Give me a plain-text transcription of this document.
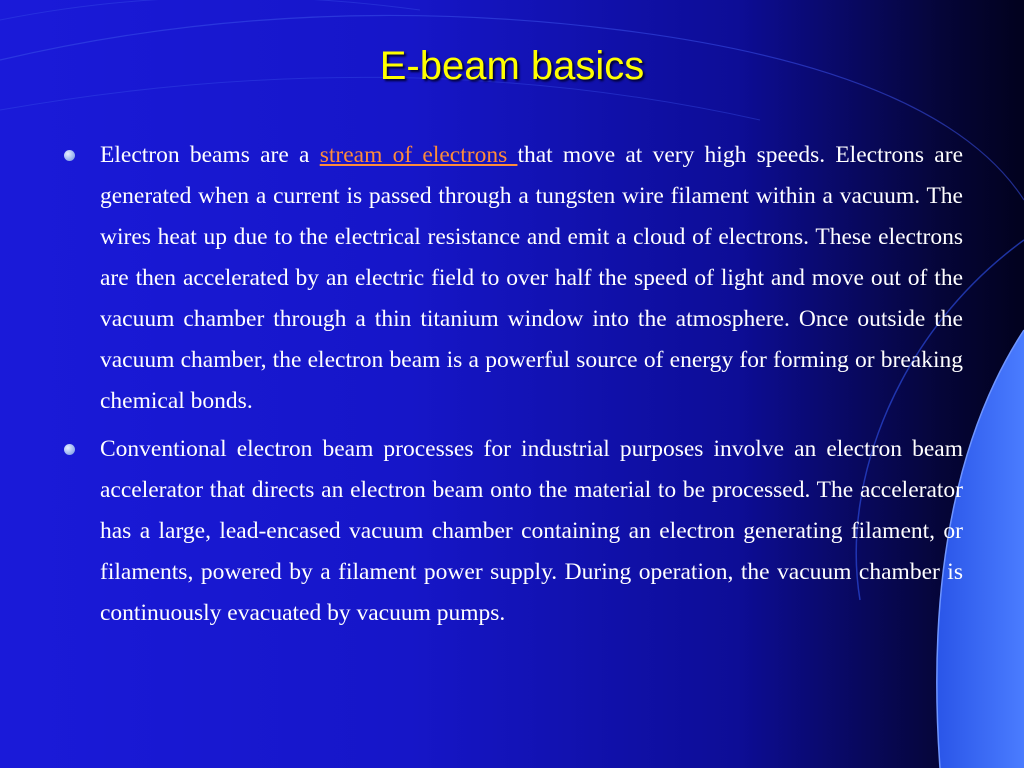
E-beam basics
Electron beams are a stream of electrons that move at very high speeds. Electrons are generated when a current is passed through a tungsten wire filament within a vacuum. The wires heat up due to the electrical resistance and emit a cloud of electrons. These electrons are then accelerated by an electric field to over half the speed of light and move out of the vacuum chamber through a thin titanium window into the atmosphere. Once outside the vacuum chamber, the electron beam is a powerful source of energy for forming or breaking chemical bonds.
Conventional electron beam processes for industrial purposes involve an electron beam accelerator that directs an electron beam onto the material to be processed. The accelerator has a large, lead-encased vacuum chamber containing an electron generating filament, or filaments, powered by a filament power supply. During operation, the vacuum chamber is continuously evacuated by vacuum pumps.
